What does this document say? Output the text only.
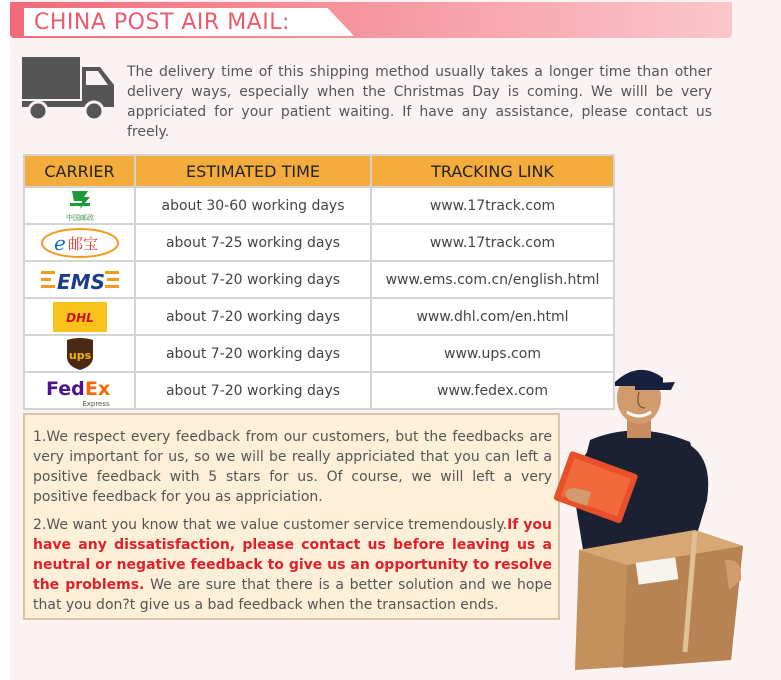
CHINA POST AIR MAIL:
The delivery time of this shipping method usually takes a longer time than other delivery ways, especially when the Christmas Day is coming. We willl be very appriciated for your patient waiting. If have any assistance, please contact us freely.
CARRIER	ESTIMATED TIME	TRACKING LINK

中国邮政	about 30-60 working days	www.17track.com

e 邮宝	about 7-25 working days	www.17track.com

EMS	about 7-20 working days	www.ems.com.cn/english.html

DHL	about 7-20 working days	www.dhl.com/en.html

ups	about 7-20 working days	www.ups.com

Fed Ex
Express	about 7-20 working days	www.fedex.com

1.We respect every feedback from our customers, but the feedbacks are very important for us, so we will be really appriciated that you can left a positive feedback with 5 stars for us. Of course, we will left a very positive feedback for you as appriciation.

2.We want you know that we value customer service tremendously.If you have any dissatisfaction, please contact us before leaving us a neutral or negative feedback to give us an opportunity to resolve the problems. We are sure that there is a better solution and we hope that you don?t give us a bad feedback when the transaction ends.
